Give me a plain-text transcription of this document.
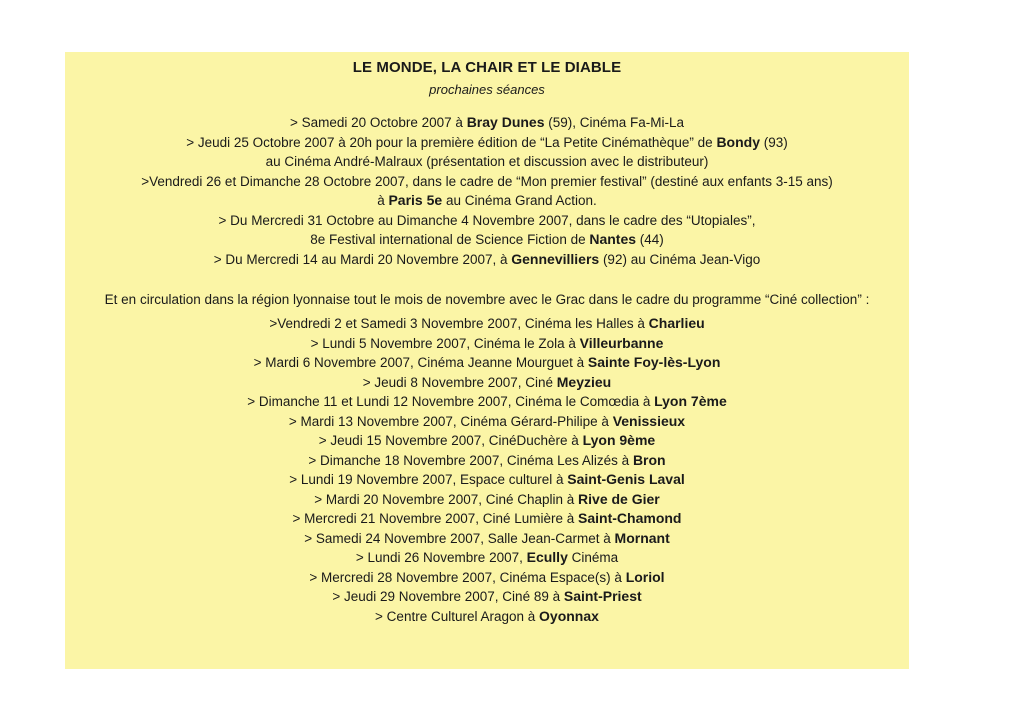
LE MONDE, LA CHAIR ET LE DIABLE
prochaines séances
> Samedi 20 Octobre 2007 à Bray Dunes (59), Cinéma Fa-Mi-La
> Jeudi 25 Octobre 2007 à 20h pour la première édition de “La Petite Cinémathèque” de Bondy (93)
au Cinéma André-Malraux (présentation et discussion avec le distributeur)
>Vendredi 26 et Dimanche 28 Octobre 2007, dans le cadre de “Mon premier festival” (destiné aux enfants 3-15 ans)
à Paris 5e au Cinéma Grand Action.
> Du Mercredi 31 Octobre au Dimanche 4 Novembre 2007, dans le cadre des “Utopiales”,
8e Festival international de Science Fiction de Nantes (44)
> Du Mercredi 14 au Mardi 20 Novembre 2007, à Gennevilliers (92) au Cinéma Jean-Vigo
Et en circulation dans la région lyonnaise tout le mois de novembre avec le Grac dans le cadre du programme “Ciné collection” :
>Vendredi 2 et Samedi 3 Novembre 2007, Cinéma les Halles à Charlieu
> Lundi 5 Novembre 2007, Cinéma le Zola à Villeurbanne
> Mardi 6 Novembre 2007, Cinéma Jeanne Mourguet à Sainte Foy-lès-Lyon
> Jeudi 8 Novembre 2007, Ciné Meyzieu
> Dimanche 11 et Lundi 12 Novembre 2007, Cinéma le Comœdia à Lyon 7ème
> Mardi 13 Novembre 2007, Cinéma Gérard-Philipe à Venissieux
> Jeudi 15 Novembre 2007, CinéDuchère à Lyon 9ème
> Dimanche 18 Novembre 2007, Cinéma Les Alizés à Bron
> Lundi 19 Novembre 2007, Espace culturel à Saint-Genis Laval
> Mardi 20 Novembre 2007, Ciné Chaplin à Rive de Gier
> Mercredi 21 Novembre 2007, Ciné Lumière à Saint-Chamond
> Samedi 24 Novembre 2007, Salle Jean-Carmet à Mornant
> Lundi 26 Novembre 2007, Ecully Cinéma
> Mercredi 28 Novembre 2007, Cinéma Espace(s) à Loriol
> Jeudi 29 Novembre 2007, Ciné 89 à Saint-Priest
> Centre Culturel Aragon à Oyonnax
